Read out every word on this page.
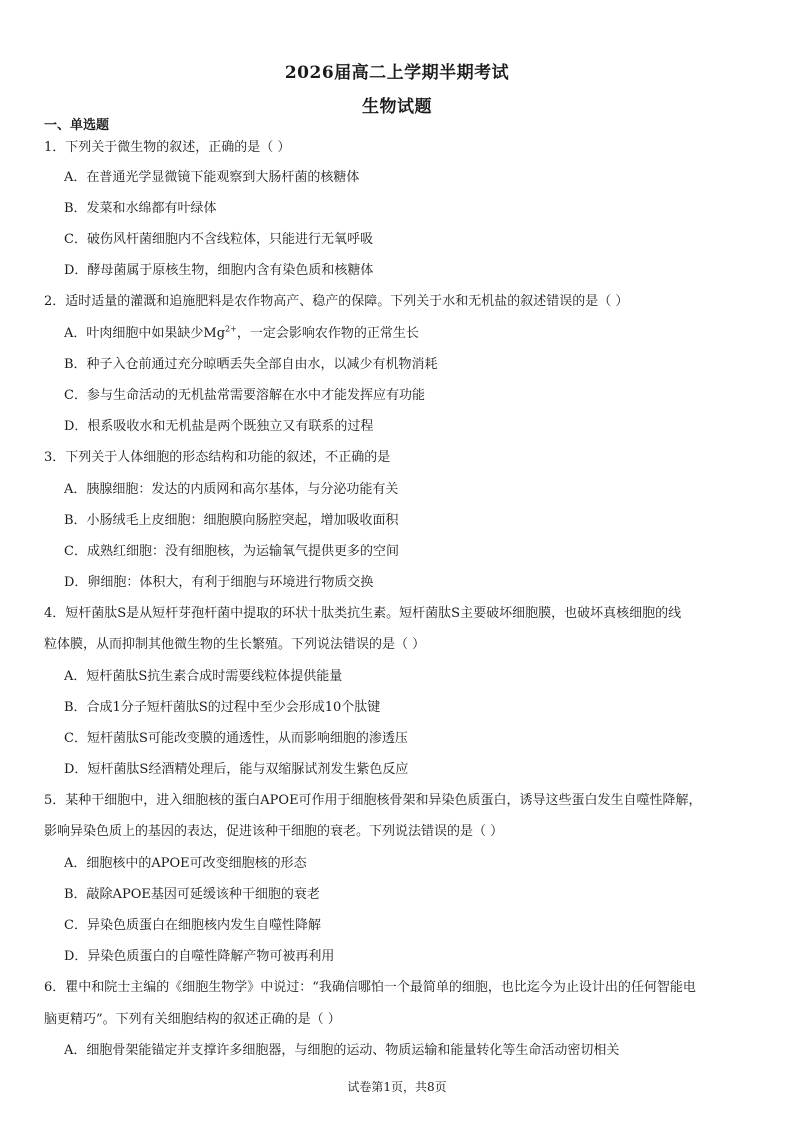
2026届高二上学期半期考试
生物试题
一、单选题
1．下列关于微生物的叙述，正确的是（ ）
A．在普通光学显微镜下能观察到大肠杆菌的核糖体
B．发菜和水绵都有叶绿体
C．破伤风杆菌细胞内不含线粒体，只能进行无氧呼吸
D．酵母菌属于原核生物，细胞内含有染色质和核糖体
2．适时适量的灌溉和追施肥料是农作物高产、稳产的保障。下列关于水和无机盐的叙述错误的是（ ）
A．叶肉细胞中如果缺少$Mg^{2+}$，一定会影响农作物的正常生长
B．种子入仓前通过充分晾晒丢失全部自由水，以减少有机物消耗
C．参与生命活动的无机盐常需要溶解在水中才能发挥应有功能
D．根系吸收水和无机盐是两个既独立又有联系的过程
3．下列关于人体细胞的形态结构和功能的叙述，不正确的是
A．胰腺细胞：发达的内质网和高尔基体，与分泌功能有关
B．小肠绒毛上皮细胞：细胞膜向肠腔突起，增加吸收面积
C．成熟红细胞：没有细胞核，为运输氧气提供更多的空间
D．卵细胞：体积大，有利于细胞与环境进行物质交换
4．短杆菌肽S是从短杆芽孢杆菌中提取的环状十肽类抗生素。短杆菌肽S主要破坏细胞膜，也破坏真核细胞的线
粒体膜，从而抑制其他微生物的生长繁殖。下列说法错误的是（ ）
A．短杆菌肽S抗生素合成时需要线粒体提供能量
B．合成1分子短杆菌肽S的过程中至少会形成10个肽键
C．短杆菌肽S可能改变膜的通透性，从而影响细胞的渗透压
D．短杆菌肽S经酒精处理后，能与双缩脲试剂发生紫色反应
5．某种干细胞中，进入细胞核的蛋白APOE可作用于细胞核骨架和异染色质蛋白，诱导这些蛋白发生自噬性降解，
影响异染色质上的基因的表达，促进该种干细胞的衰老。下列说法错误的是（ ）
A．细胞核中的APOE可改变细胞核的形态
B．敲除APOE基因可延缓该种干细胞的衰老
C．异染色质蛋白在细胞核内发生自噬性降解
D．异染色质蛋白的自噬性降解产物可被再利用
6．瞿中和院士主编的《细胞生物学》中说过：“我确信哪怕一个最简单的细胞，也比迄今为止设计出的任何智能电
脑更精巧”。下列有关细胞结构的叙述正确的是（ ）
A．细胞骨架能锚定并支撑许多细胞器，与细胞的运动、物质运输和能量转化等生命活动密切相关
试卷第1页，共8页
